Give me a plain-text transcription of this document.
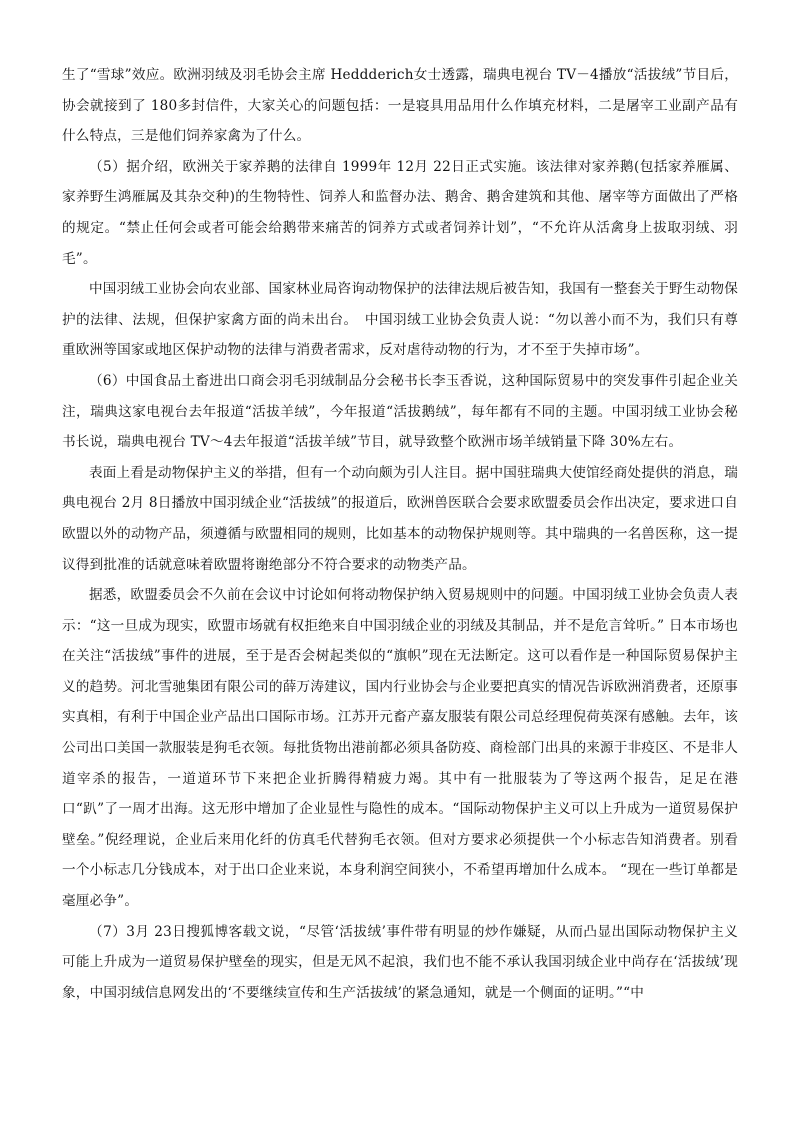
生了“雪球”效应。欧洲羽绒及羽毛协会主席 Heddderich女士透露，瑞典电视台 TV－4播放“活拔绒”节目后，协会就接到了 180多封信件，大家关心的问题包括：一是寝具用品用什么作填充材料，二是屠宰工业副产品有什么特点，三是他们饲养家禽为了什么。

（5）据介绍，欧洲关于家养鹅的法律自 1999年 12月 22日正式实施。该法律对家养鹅(包括家养雁属、家养野生鸿雁属及其杂交种)的生物特性、饲养人和监督办法、鹅舍、鹅舍建筑和其他、屠宰等方面做出了严格的规定。“禁止任何会或者可能会给鹅带来痛苦的饲养方式或者饲养计划”，“不允许从活禽身上拔取羽绒、羽毛”。

中国羽绒工业协会向农业部、国家林业局咨询动物保护的法律法规后被告知，我国有一整套关于野生动物保护的法律、法规，但保护家禽方面的尚未出台。　中国羽绒工业协会负责人说：“勿以善小而不为，我们只有尊重欧洲等国家或地区保护动物的法律与消费者需求，反对虐待动物的行为，才不至于失掉市场”。

（6）中国食品土畜进出口商会羽毛羽绒制品分会秘书长李玉香说，这种国际贸易中的突发事件引起企业关注，瑞典这家电视台去年报道“活拔羊绒”，今年报道“活拔鹅绒”，每年都有不同的主题。中国羽绒工业协会秘书长说，瑞典电视台 TV～4去年报道“活拔羊绒”节目，就导致整个欧洲市场羊绒销量下降 30%左右。

表面上看是动物保护主义的举措，但有一个动向颇为引人注目。据中国驻瑞典大使馆经商处提供的消息，瑞典电视台 2月 8日播放中国羽绒企业“活拔绒”的报道后，欧洲兽医联合会要求欧盟委员会作出决定，要求进口自欧盟以外的动物产品，须遵循与欧盟相同的规则，比如基本的动物保护规则等。其中瑞典的一名兽医称，这一提议得到批准的话就意味着欧盟将谢绝部分不符合要求的动物类产品。

据悉，欧盟委员会不久前在会议中讨论如何将动物保护纳入贸易规则中的问题。中国羽绒工业协会负责人表示：“这一旦成为现实，欧盟市场就有权拒绝来自中国羽绒企业的羽绒及其制品，并不是危言耸听。” 日本市场也在关注“活拔绒”事件的进展，至于是否会树起类似的“旗帜”现在无法断定。这可以看作是一种国际贸易保护主义的趋势。河北雪驰集团有限公司的薛万涛建议，国内行业协会与企业要把真实的情况告诉欧洲消费者，还原事实真相，有利于中国企业产品出口国际市场。江苏开元畜产嘉友服装有限公司总经理倪荷英深有感触。去年，该公司出口美国一款服装是狗毛衣领。每批货物出港前都必须具备防疫、商检部门出具的来源于非疫区、不是非人道宰杀的报告，一道道环节下来把企业折腾得精疲力竭。其中有一批服装为了等这两个报告，足足在港口“趴”了一周才出海。这无形中增加了企业显性与隐性的成本。“国际动物保护主义可以上升成为一道贸易保护壁垒。”倪经理说，企业后来用化纤的仿真毛代替狗毛衣领。但对方要求必须提供一个小标志告知消费者。别看一个小标志几分钱成本，对于出口企业来说，本身利润空间狭小，不希望再增加什么成本。 “现在一些订单都是毫厘必争”。

（7）3月 23日搜狐博客载文说，“尽管‘活拔绒’事件带有明显的炒作嫌疑，从而凸显出国际动物保护主义可能上升成为一道贸易保护壁垒的现实，但是无风不起浪，我们也不能不承认我国羽绒企业中尚存在‘活拔绒’现象，中国羽绒信息网发出的‘不要继续宣传和生产活拔绒’的紧急通知，就是一个侧面的证明。”“中
